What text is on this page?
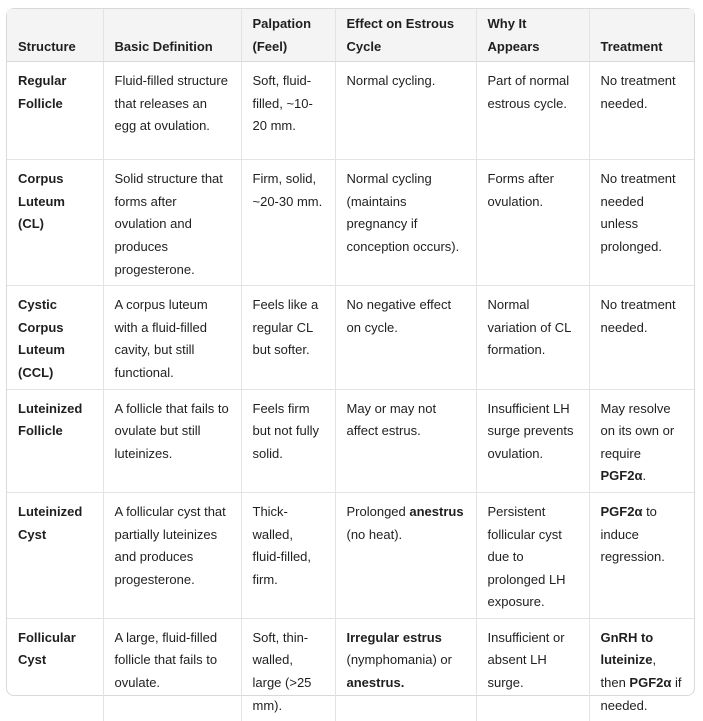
Structure	Basic Definition	Palpation (Feel)	Effect on Estrous Cycle	Why It Appears	Treatment
Regular Follicle	Fluid-filled structure that releases an egg at ovulation.	Soft, fluid-filled, ~10-20 mm.	Normal cycling.	Part of normal estrous cycle.	No treatment needed.
Corpus Luteum (CL)	Solid structure that forms after ovulation and produces progesterone.	Firm, solid, ~20-30 mm.	Normal cycling (maintains pregnancy if conception occurs).	Forms after ovulation.	No treatment needed unless prolonged.
Cystic Corpus Luteum (CCL)	A corpus luteum with a fluid-filled cavity, but still functional.	Feels like a regular CL but softer.	No negative effect on cycle.	Normal variation of CL formation.	No treatment needed.
Luteinized Follicle	A follicle that fails to ovulate but still luteinizes.	Feels firm but not fully solid.	May or may not affect estrus.	Insufficient LH surge prevents ovulation.	May resolve on its own or require PGF2α.
Luteinized Cyst	A follicular cyst that partially luteinizes and produces progesterone.	Thick-walled, fluid-filled, firm.	Prolonged anestrus (no heat).	Persistent follicular cyst due to prolonged LH exposure.	PGF2α to induce regression.
Follicular Cyst	A large, fluid-filled follicle that fails to ovulate.	Soft, thin-walled, large (>25 mm).	Irregular estrus (nymphomania) or anestrus.	Insufficient or absent LH surge.	GnRH to luteinize, then PGF2α if needed.
